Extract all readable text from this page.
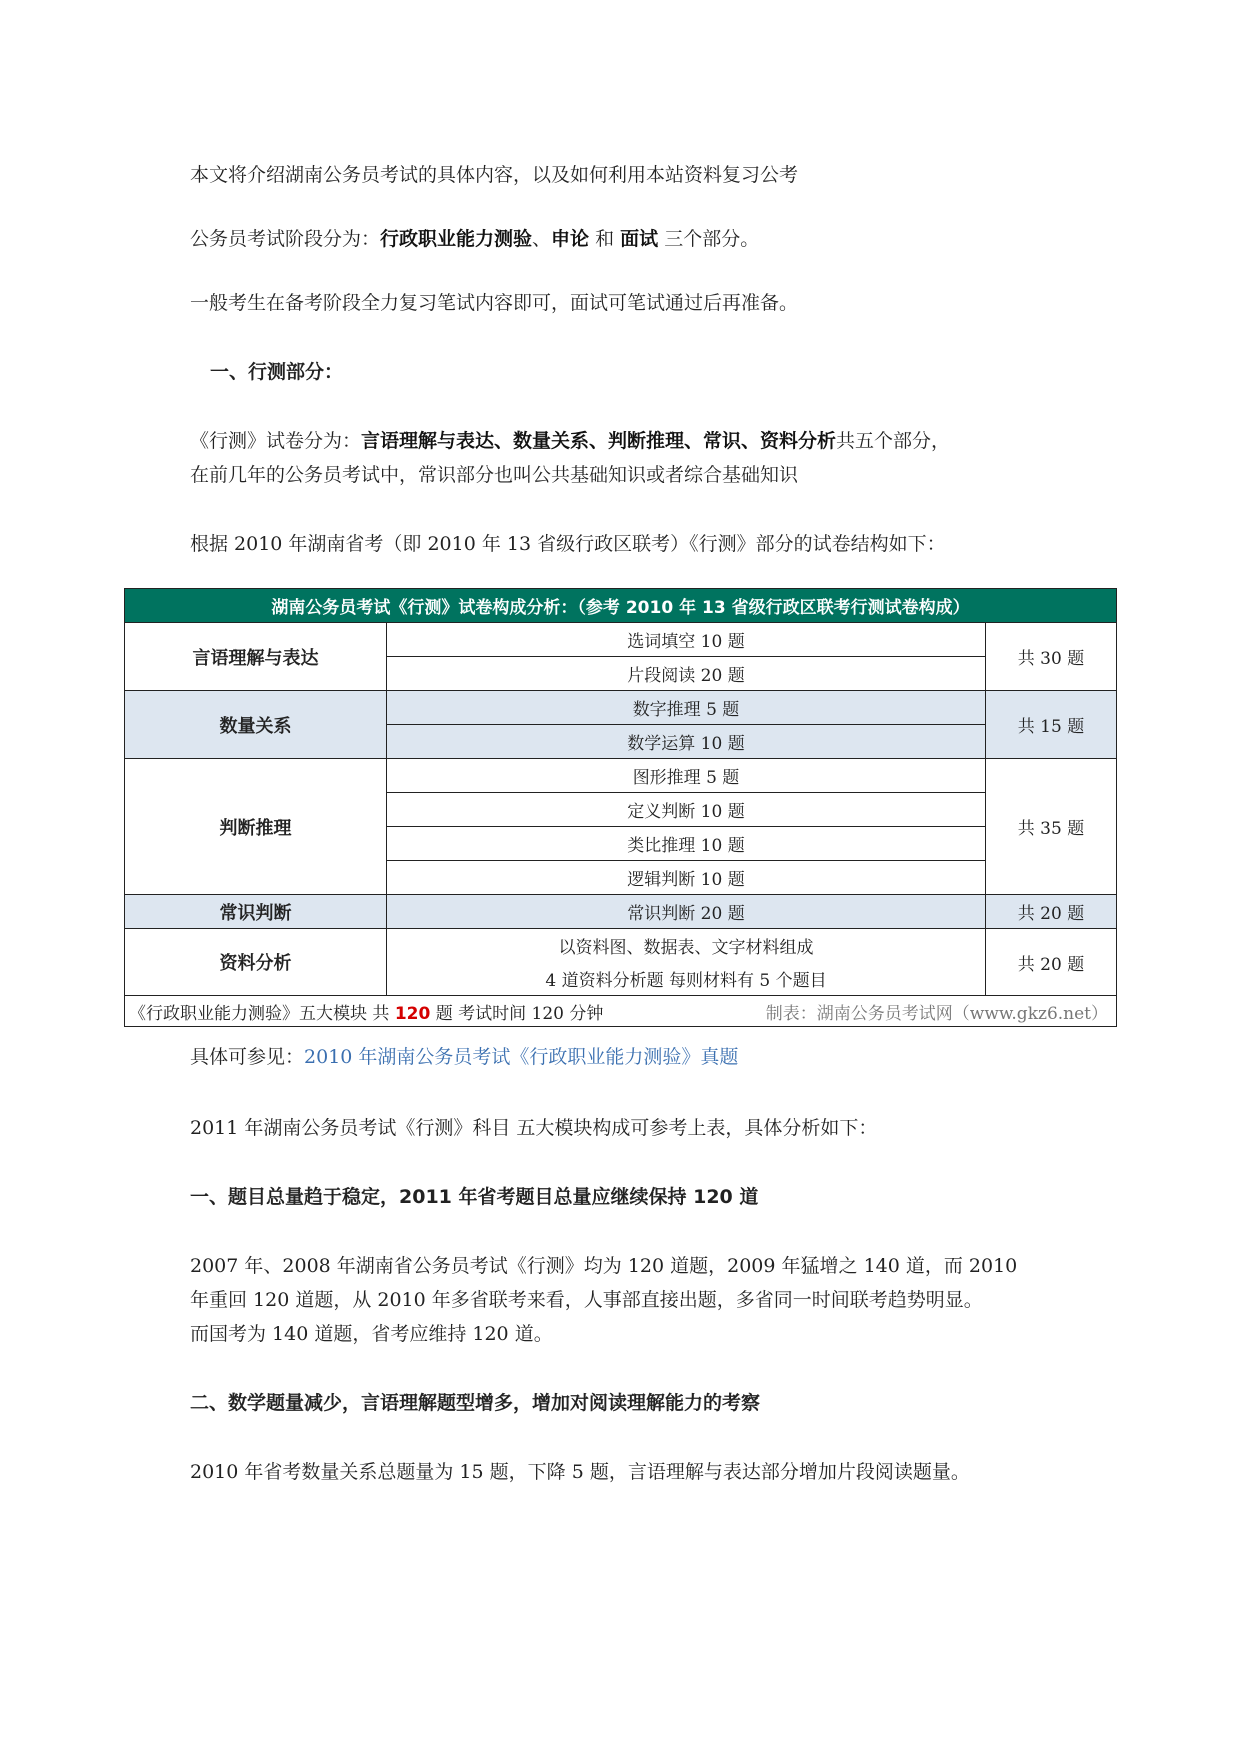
本文将介绍湖南公务员考试的具体内容，以及如何利用本站资料复习公考
公务员考试阶段分为：行政职业能力测验、申论 和 面试 三个部分。
一般考生在备考阶段全力复习笔试内容即可，面试可笔试通过后再准备。
一、行测部分：
《行测》试卷分为：言语理解与表达、数量关系、判断推理、常识、资料分析共五个部分，
在前几年的公务员考试中，常识部分也叫公共基础知识或者综合基础知识
根据 2010 年湖南省考（即 2010 年 13 省级行政区联考）《行测》部分的试卷结构如下：
湖南公务员考试《行测》试卷构成分析：（参考 2010 年 13 省级行政区联考行测试卷构成）		
言语理解与表达	选词填空 10 题	共 30 题
	片段阅读 20 题	
数量关系	数字推理 5 题	共 15 题
	数学运算 10 题	
判断推理	图形推理 5 题	共 35 题
	定义判断 10 题	
	类比推理 10 题	
	逻辑判断 10 题	
常识判断	常识判断 20 题	共 20 题
资料分析	以资料图、数据表、文字材料组成	共 20 题
	4 道资料分析题 每则材料有 5 个题目	

《行政职业能力测验》五大模块 共 120 题 考试时间 120 分钟 制表：湖南公务员考试网（www.gkz6.net）		
具体可参见：2010 年湖南公务员考试《行政职业能力测验》真题
2011 年湖南公务员考试《行测》科目 五大模块构成可参考上表，具体分析如下：
一、题目总量趋于稳定，2011 年省考题目总量应继续保持 120 道
2007 年、2008 年湖南省公务员考试《行测》均为 120 道题，2009 年猛增之 140 道，而 2010
年重回 120 道题，从 2010 年多省联考来看，人事部直接出题，多省同一时间联考趋势明显。
而国考为 140 道题，省考应维持 120 道。
二、数学题量减少，言语理解题型增多，增加对阅读理解能力的考察
2010 年省考数量关系总题量为 15 题，下降 5 题，言语理解与表达部分增加片段阅读题量。
